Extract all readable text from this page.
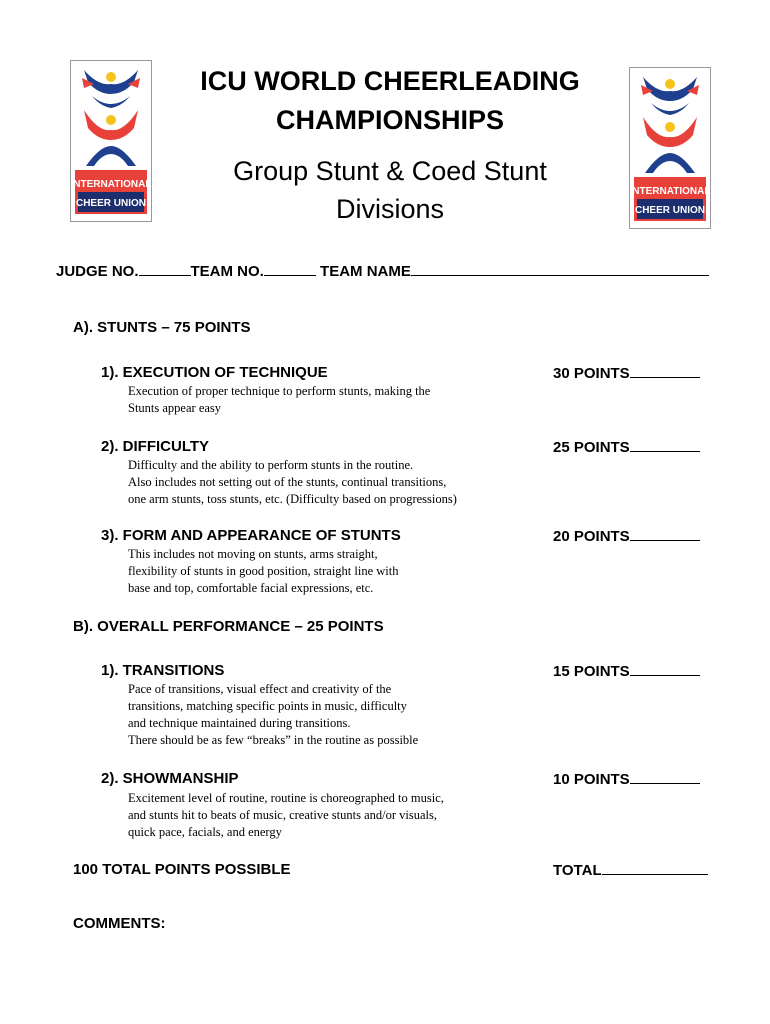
INTERNATIONAL
CHEER UNION
INTERNATIONAL
CHEER UNION
ICU WORLD CHEERLEADING
CHAMPIONSHIPS
Group Stunt & Coed Stunt
Divisions
JUDGE NO.	TEAM NO.	TEAM NAME
A). STUNTS – 75 POINTS
1). EXECUTION OF TECHNIQUE	30 POINTS
Execution of proper technique to perform stunts, making the
Stunts appear easy
2). DIFFICULTY	25 POINTS
Difficulty and the ability to perform stunts in the routine.
Also includes not setting out of the stunts, continual transitions,
one arm stunts, toss stunts, etc. (Difficulty based on progressions)
3). FORM AND APPEARANCE OF STUNTS	20 POINTS
This includes not moving on stunts, arms straight,
flexibility of stunts in good position, straight line with
base and top, comfortable facial expressions, etc.
B). OVERALL PERFORMANCE – 25 POINTS
1). TRANSITIONS	15 POINTS
Pace of transitions, visual effect and creativity of the
transitions, matching specific points in music, difficulty
and technique maintained during transitions.
There should be as few “breaks” in the routine as possible
2). SHOWMANSHIP	10 POINTS
Excitement level of routine, routine is choreographed to music,
and stunts hit to beats of music, creative stunts and/or visuals,
quick pace, facials, and energy
100 TOTAL POINTS POSSIBLE	TOTAL
COMMENTS:
